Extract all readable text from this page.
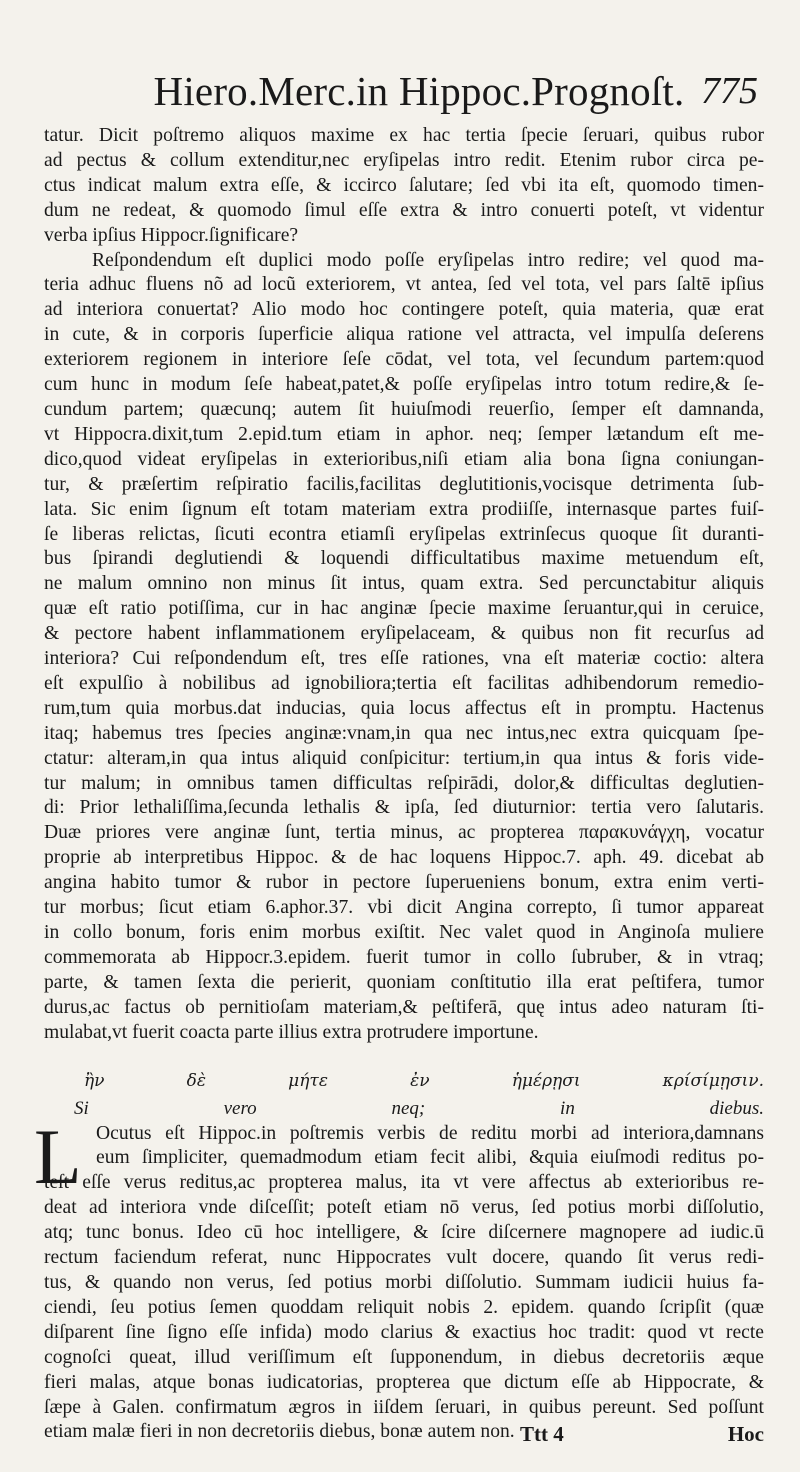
Hiero.Merc.in Hippoc.Prognoſt. 775
tatur. Dicit poſtremo aliquos maxime ex hac tertia ſpecie ſeruari, quibus rubor
ad pectus & collum extenditur,nec eryſipelas intro redit. Etenim rubor circa pe-
ctus indicat malum extra eſſe, & iccirco ſalutare; ſed vbi ita eſt, quomodo timen-
dum ne redeat, & quomodo ſimul eſſe extra & intro conuerti poteſt, vt videntur
verba ipſius Hippocr.ſignificare?
Reſpondendum eſt duplici modo poſſe eryſipelas intro redire; vel quod ma-
teria adhuc fluens nõ ad locũ exteriorem, vt antea, ſed vel tota, vel pars ſaltē ipſius
ad interiora conuertat? Alio modo hoc contingere poteſt, quia materia, quæ erat
in cute, & in corporis ſuperficie aliqua ratione vel attracta, vel impulſa deſerens
exteriorem regionem in interiore ſeſe cōdat, vel tota, vel ſecundum partem:quod
cum hunc in modum ſeſe habeat,patet,& poſſe eryſipelas intro totum redire,& ſe-
cundum partem; quæcunq; autem ſit huiuſmodi reuerſio, ſemper eſt damnanda,
vt Hippocra.dixit,tum 2.epid.tum etiam in aphor. neq; ſemper lætandum eſt me-
dico,quod videat eryſipelas in exterioribus,niſi etiam alia bona ſigna coniungan-
tur, & præſertim reſpiratio facilis,facilitas deglutitionis,vocisque detrimenta ſub-
lata. Sic enim ſignum eſt totam materiam extra prodiiſſe, internasque partes fuiſ-
ſe liberas relictas, ſicuti econtra etiamſi eryſipelas extrinſecus quoque ſit duranti-
bus ſpirandi deglutiendi & loquendi difficultatibus maxime metuendum eſt,
ne malum omnino non minus ſit intus, quam extra. Sed percunctabitur aliquis
quæ eſt ratio potiſſima, cur in hac anginæ ſpecie maxime ſeruantur,qui in ceruice,
& pectore habent inflammationem eryſipelaceam, & quibus non fit recurſus ad
interiora? Cui reſpondendum eſt, tres eſſe rationes, vna eſt materiæ coctio: altera
eſt expulſio à nobilibus ad ignobiliora;tertia eſt facilitas adhibendorum remedio-
rum,tum quia morbus.dat inducias, quia locus affectus eſt in promptu. Hactenus
itaq; habemus tres ſpecies anginæ:vnam,in qua nec intus,nec extra quicquam ſpe-
ctatur: alteram,in qua intus aliquid conſpicitur: tertium,in qua intus & foris vide-
tur malum; in omnibus tamen difficultas reſpirādi, dolor,& difficultas deglutien-
di: Prior lethaliſſima,ſecunda lethalis & ipſa, ſed diuturnior: tertia vero ſalutaris.
Duæ priores vere anginæ ſunt, tertia minus, ac propterea παρακυνάγχη, vocatur
proprie ab interpretibus Hippoc. & de hac loquens Hippoc.7. aph. 49. dicebat ab
angina habito tumor & rubor in pectore ſuperueniens bonum, extra enim verti-
tur morbus; ſicut etiam 6.aphor.37. vbi dicit Angina correpto, ſi tumor appareat
in collo bonum, foris enim morbus exiſtit. Nec valet quod in Anginoſa muliere
commemorata ab Hippocr.3.epidem. fuerit tumor in collo ſubruber, & in vtraq;
parte, & tamen ſexta die perierit, quoniam conſtitutio illa erat peſtifera, tumor
durus,ac factus ob pernitioſam materiam,& peſtiferā, quę intus adeo naturam ſti-
mulabat,vt fuerit coacta parte illius extra protrudere importune.
ἢν δὲ μήτε ἐν ἡμέρῃσι κρίσίμῃσιν.
Si vero neq; in diebus.
L Ocutus eſt Hippoc.in poſtremis verbis de reditu morbi ad interiora,damnans
eum ſimpliciter, quemadmodum etiam fecit alibi, &quia eiuſmodi reditus po-
teſt eſſe verus reditus,ac propterea malus, ita vt vere affectus ab exterioribus re-
deat ad interiora vnde diſceſſit; poteſt etiam nō verus, ſed potius morbi diſſolutio,
atq; tunc bonus. Ideo cū hoc intelligere, & ſcire diſcernere magnopere ad iudic.ū
rectum faciendum referat, nunc Hippocrates vult docere, quando ſit verus redi-
tus, & quando non verus, ſed potius morbi diſſolutio. Summam iudicii huius fa-
ciendi, ſeu potius ſemen quoddam reliquit nobis 2. epidem. quando ſcripſit (quæ
diſparent ſine ſigno eſſe infida) modo clarius & exactius hoc tradit: quod vt recte
cognoſci queat, illud veriſſimum eſt ſupponendum, in diebus decretoriis æque
fieri malas, atque bonas iudicatorias, propterea que dictum eſſe ab Hippocrate, &
ſæpe à Galen. confirmatum ægros in iiſdem ſeruari, in quibus pereunt. Sed poſſunt
etiam malæ fieri in non decretoriis diebus, bonæ autem non. Ttt 4	Hoc
